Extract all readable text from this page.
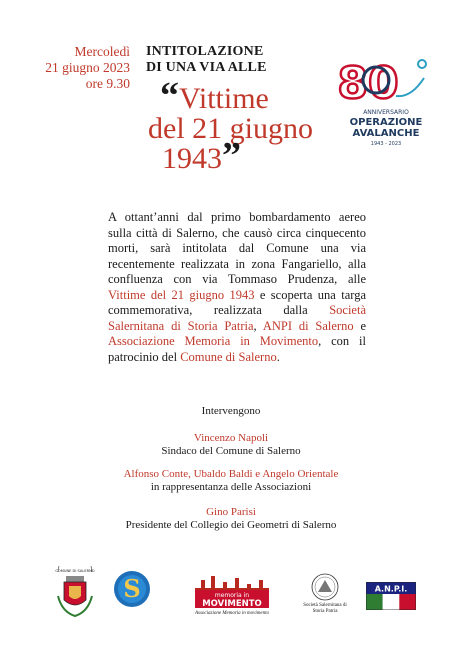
Mercoledì
21 giugno 2023
ore 9.30
INTITOLAZIONE
DI UNA VIA ALLE
“Vittime
del 21 giugno
1943”
80
ANNIVERSARIO
OPERAZIONE
AVALANCHE
1943 - 2023
A ottant’anni dal primo bombardamento aereo sulla città di Salerno, che causò circa cinquecento morti, sarà intitolata dal Comune una via recentemente realizzata in zona Fangariello, alla confluenza con via Tommaso Prudenza, alle Vittime del 21 giugno 1943 e scoperta una targa commemorativa, realizzata dalla Società Salernitana di Storia Patria, ANPI di Salerno e Associazione Memoria in Movimento, con il patrocinio del Comune di Salerno.
Intervengono
Vincenzo Napoli
Sindaco del Comune di Salerno
Alfonso Conte, Ubaldo Baldi e Angelo Orientale
in rappresentanza delle Associazioni
Gino Parisi
Presidente del Collegio dei Geometri di Salerno
COMUNE DI SALERNO
S	memoria in
MOVIMENTO
Associazione Memoria in movimento
Società Salernitana di
Storia Patria
A.N.P.I.
